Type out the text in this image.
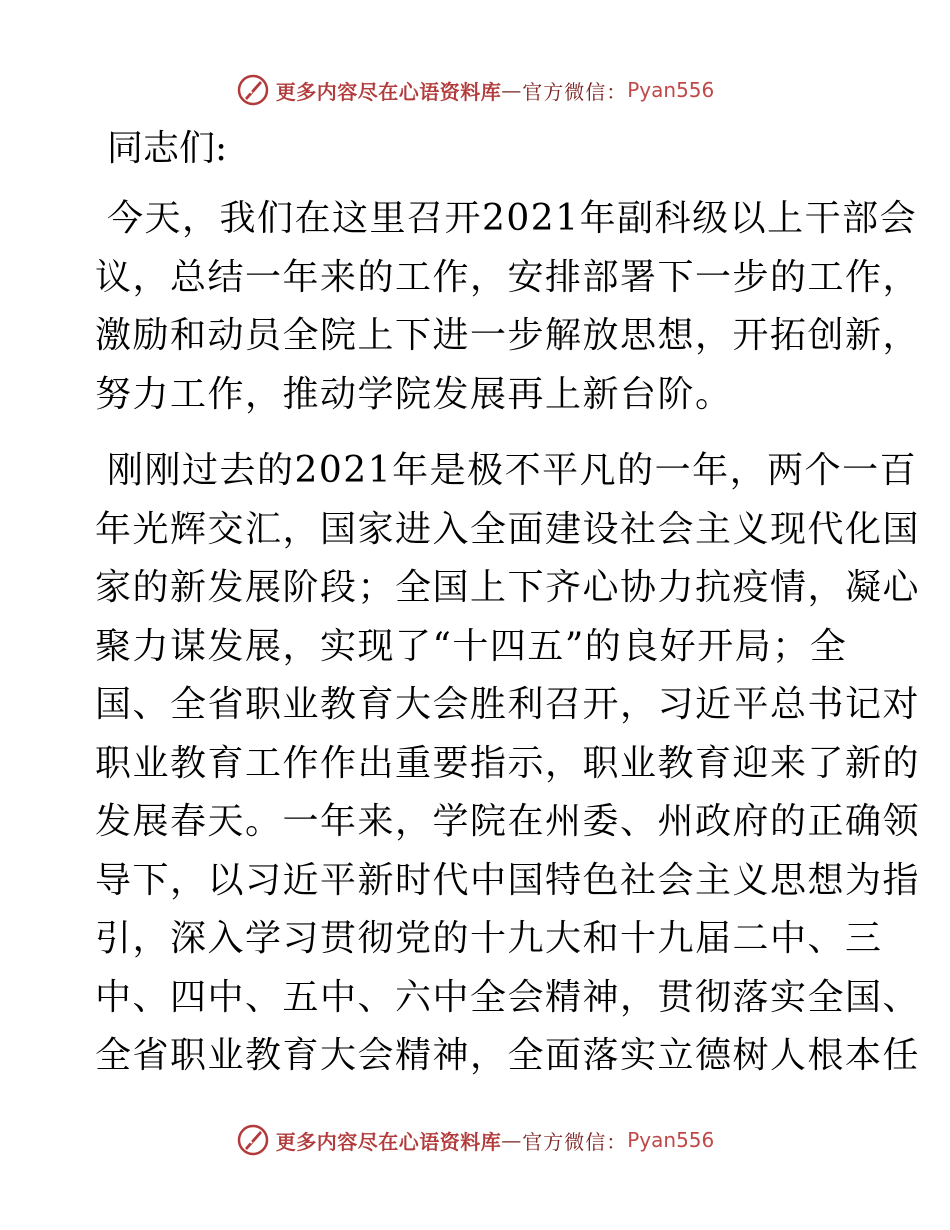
更多内容尽在心语资料库 — 官方微信： Pyan556
同志们:
今天，我们在这里召开2021年副科级以上干部会
议，总结一年来的工作，安排部署下一步的工作，
激励和动员全院上下进一步解放思想，开拓创新，
努力工作，推动学院发展再上新台阶。
刚刚过去的2021年是极不平凡的一年，两个一百
年光辉交汇，国家进入全面建设社会主义现代化国
家的新发展阶段；全国上下齐心协力抗疫情，凝心
聚力谋发展，实现了“十四五”的良好开局；全
国、全省职业教育大会胜利召开，习近平总书记对
职业教育工作作出重要指示，职业教育迎来了新的
发展春天。一年来，学院在州委、州政府的正确领
导下，以习近平新时代中国特色社会主义思想为指
引，深入学习贯彻党的十九大和十九届二中、三
中、四中、五中、六中全会精神，贯彻落实全国、
全省职业教育大会精神，全面落实立德树人根本任
更多内容尽在心语资料库 — 官方微信： Pyan556
